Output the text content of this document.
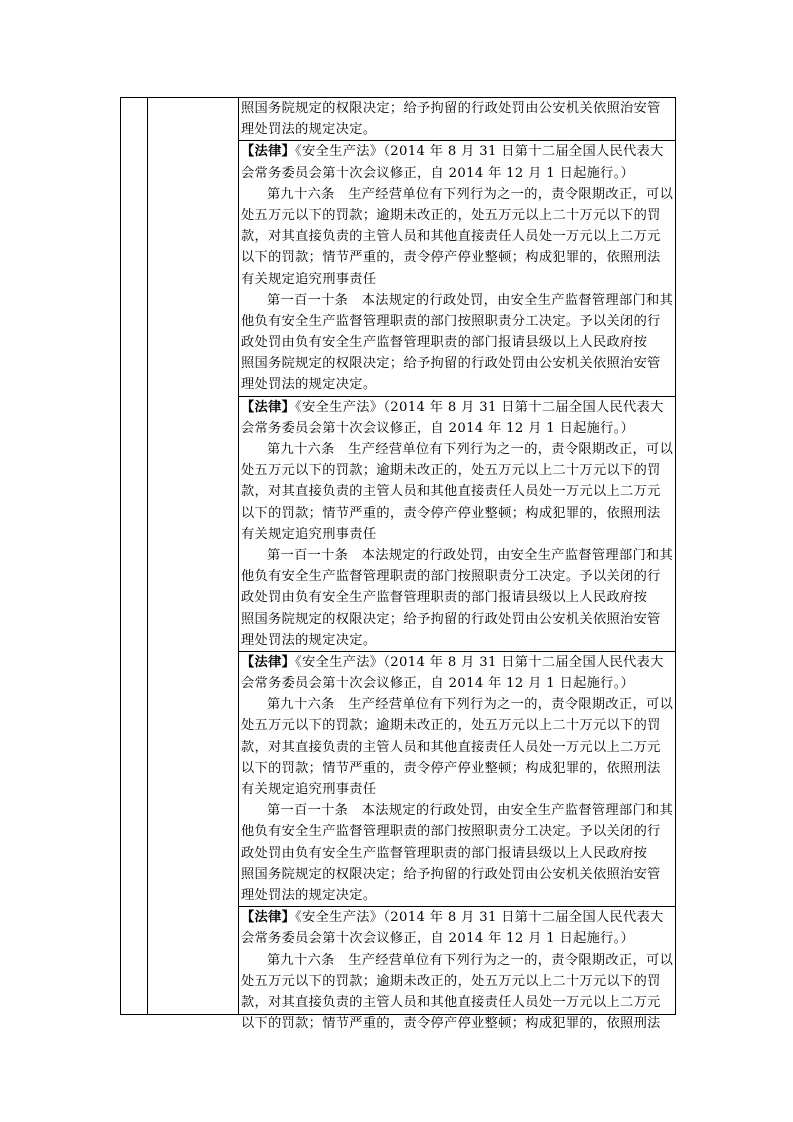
照国务院规定的权限决定；给予拘留的行政处罚由公安机关依照治安管
理处罚法的规定决定。
【法律】《安全生产法》（2014 年 8 月 31 日第十二届全国人民代表大
会常务委员会第十次会议修正，自 2014 年 12 月 1 日起施行。）
第九十六条　生产经营单位有下列行为之一的，责令限期改正，可以
处五万元以下的罚款；逾期未改正的，处五万元以上二十万元以下的罚
款，对其直接负责的主管人员和其他直接责任人员处一万元以上二万元
以下的罚款；情节严重的，责令停产停业整顿；构成犯罪的，依照刑法
有关规定追究刑事责任
第一百一十条　本法规定的行政处罚，由安全生产监督管理部门和其
他负有安全生产监督管理职责的部门按照职责分工决定。予以关闭的行
政处罚由负有安全生产监督管理职责的部门报请县级以上人民政府按
照国务院规定的权限决定；给予拘留的行政处罚由公安机关依照治安管
理处罚法的规定决定。
【法律】《安全生产法》（2014 年 8 月 31 日第十二届全国人民代表大
会常务委员会第十次会议修正，自 2014 年 12 月 1 日起施行。）
第九十六条　生产经营单位有下列行为之一的，责令限期改正，可以
处五万元以下的罚款；逾期未改正的，处五万元以上二十万元以下的罚
款，对其直接负责的主管人员和其他直接责任人员处一万元以上二万元
以下的罚款；情节严重的，责令停产停业整顿；构成犯罪的，依照刑法
有关规定追究刑事责任
第一百一十条　本法规定的行政处罚，由安全生产监督管理部门和其
他负有安全生产监督管理职责的部门按照职责分工决定。予以关闭的行
政处罚由负有安全生产监督管理职责的部门报请县级以上人民政府按
照国务院规定的权限决定；给予拘留的行政处罚由公安机关依照治安管
理处罚法的规定决定。
【法律】《安全生产法》（2014 年 8 月 31 日第十二届全国人民代表大
会常务委员会第十次会议修正，自 2014 年 12 月 1 日起施行。）
第九十六条　生产经营单位有下列行为之一的，责令限期改正，可以
处五万元以下的罚款；逾期未改正的，处五万元以上二十万元以下的罚
款，对其直接负责的主管人员和其他直接责任人员处一万元以上二万元
以下的罚款；情节严重的，责令停产停业整顿；构成犯罪的，依照刑法
有关规定追究刑事责任
第一百一十条　本法规定的行政处罚，由安全生产监督管理部门和其
他负有安全生产监督管理职责的部门按照职责分工决定。予以关闭的行
政处罚由负有安全生产监督管理职责的部门报请县级以上人民政府按
照国务院规定的权限决定；给予拘留的行政处罚由公安机关依照治安管
理处罚法的规定决定。
【法律】《安全生产法》（2014 年 8 月 31 日第十二届全国人民代表大
会常务委员会第十次会议修正，自 2014 年 12 月 1 日起施行。）
第九十六条　生产经营单位有下列行为之一的，责令限期改正，可以
处五万元以下的罚款；逾期未改正的，处五万元以上二十万元以下的罚
款，对其直接负责的主管人员和其他直接责任人员处一万元以上二万元
以下的罚款；情节严重的，责令停产停业整顿；构成犯罪的，依照刑法
